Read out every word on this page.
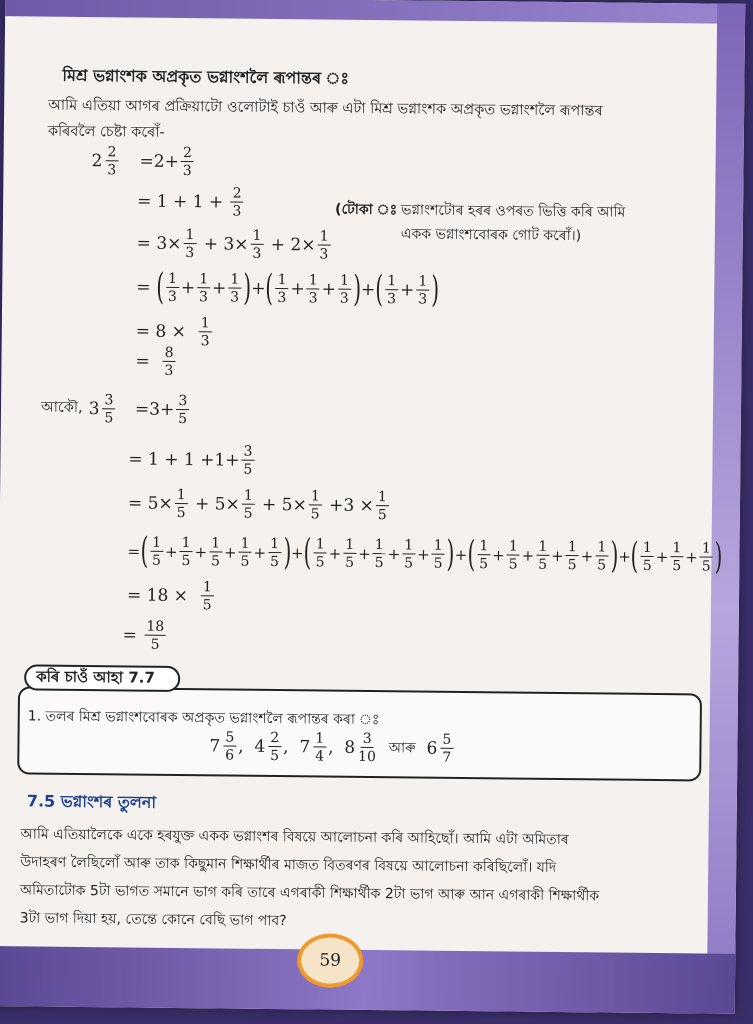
মিশ্ৰ ভগ্নাংশক অপ্ৰকৃত ভগ্নাংশলৈ ৰূপান্তৰ ঃ
আমি এতিয়া আগৰ প্ৰক্ৰিয়াটো ওলোটাই চাওঁ আৰু এটা মিশ্ৰ ভগ্নাংশক অপ্ৰকৃত ভগ্নাংশলৈ ৰূপান্তৰ
কৰিবলৈ চেষ্টা কৰোঁ-
$2 \frac{2}{3} =2+ \frac{2}{3}$
= 1 + 1 +
$\frac{2}{3}$
= $3\times \frac{1}{3}$
+ $3\times \frac{1}{3}$
+ $2\times \frac{1}{3}$
=
( $\frac{1}{3} + \frac{1}{3} + \frac{1}{3}$ ) + ( $\frac{1}{3} + \frac{1}{3} + \frac{1}{3}$ ) + ( $\frac{1}{3} + \frac{1}{3}$ )
= 8 ×
$\frac{1}{3}$
=
$\frac{8}{3}$
(টোকা ঃ ভগ্নাংশটোৰ হৰৰ ওপৰত ভিত্তি কৰি আমি
একক ভগ্নাংশবোৰক গোট কৰোঁ।)
আকৌ, $3 \frac{3}{5} =3+ \frac{3}{5}$
= $1 + 1 +1+ \frac{3}{5}$
= $5\times \frac{1}{5}$
+ $5\times \frac{1}{5}$
+ $5\times \frac{1}{5}$
$+3 \times \frac{1}{5}$
= ( $\frac{1}{5} + \frac{1}{5} + \frac{1}{5} + \frac{1}{5} + \frac{1}{5}$ ) + ( $\frac{1}{5} + \frac{1}{5} + \frac{1}{5} + \frac{1}{5} + \frac{1}{5}$ ) + ( $\frac{1}{5} + \frac{1}{5} + \frac{1}{5} + \frac{1}{5} + \frac{1}{5}$ ) + ( $\frac{1}{5} + \frac{1}{5} + \frac{1}{5}$ )
= 18 ×
$\frac{1}{5}$
=
$\frac{18}{5}$
1. তলৰ মিশ্ৰ ভগ্নাংশবোৰক অপ্ৰকৃত ভগ্নাংশলৈ ৰূপান্তৰ কৰা ঃ
$7 \frac{5}{6}$ ,
$4 \frac{2}{5}$ ,
$7 \frac{1}{4}$ ,
$8 \frac{3}{10}$
আৰু
$6 \frac{5}{7}$
কৰি চাওঁ আহা 7.7
7.5 ভগ্নাংশৰ তুলনা
আমি এতিয়ালৈকে একে হৰযুক্ত একক ভগ্নাংশৰ বিষয়ে আলোচনা কৰি আহিছোঁ। আমি এটা অমিতাৰ
উদাহৰণ লৈছিলোঁ আৰু তাক কিছুমান শিক্ষাৰ্থীৰ মাজত বিতৰণৰ বিষয়ে আলোচনা কৰিছিলোঁ। যদি
অমিতাটোক 5টা ভাগত সমানে ভাগ কৰি তাৰে এগৰাকী শিক্ষাৰ্থীক 2টা ভাগ আৰু আন এগৰাকী শিক্ষাৰ্থীক
3টা ভাগ দিয়া হয়, তেন্তে কোনে বেছি ভাগ পাব?
59
